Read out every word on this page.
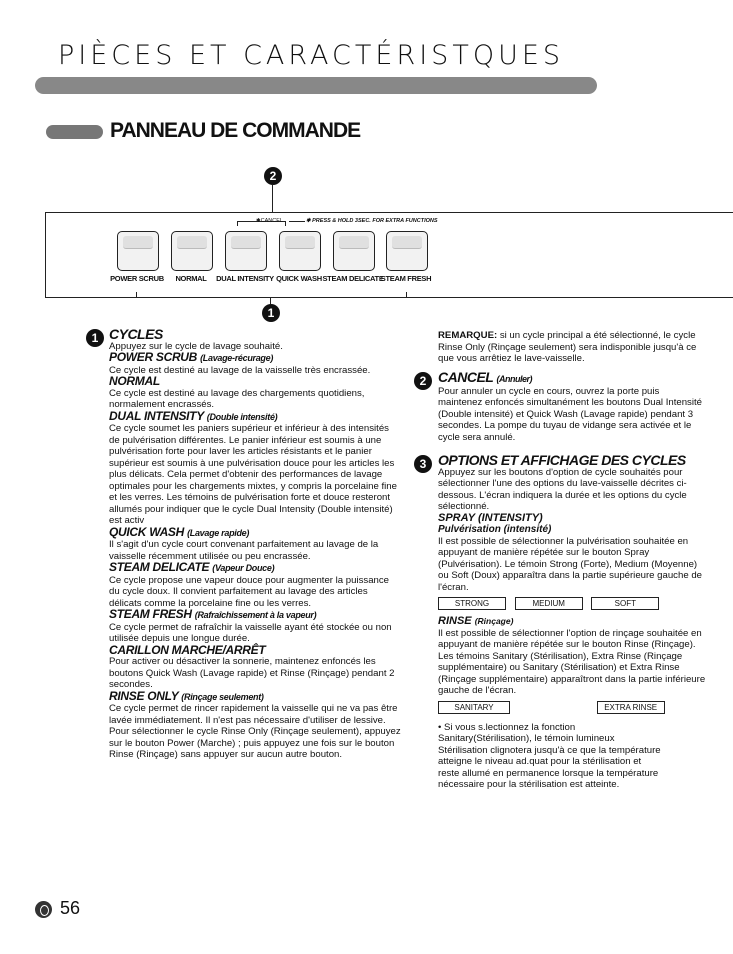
PIÈCES ET CARACTÉRISTQUES
PANNEAU DE COMMANDE
2
✱CANCEL	✱ PRESS & HOLD 3SEC. FOR EXTRA FUNCTIONS
POWER SCRUB NORMAL DUAL INTENSITY QUICK WASH STEAM DELICATE
STEAM FRESH
1
1 CYCLES

Appuyez sur le cycle de lavage souhaité.

POWER SCRUB (Lavage-récurage)

Ce cycle est destiné au lavage de la vaisselle très encrassée.

NORMAL

Ce cycle est destiné au lavage des chargements quotidiens, normalement encrassés.

DUAL INTENSITY (Double intensité)

Ce cycle soumet les paniers supérieur et inférieur à des intensités de pulvérisation différentes. Le panier inférieur est soumis à une pulvérisation forte pour laver les articles résistants et le panier supérieur est soumis à une pulvérisation douce pour les articles les plus délicats. Cela permet d'obtenir des performances de lavage optimales pour les chargements mixtes, y compris la porcelaine fine et les verres. Les témoins de pulvérisation forte et douce resteront allumés pour indiquer que le cycle Dual Intensity (Double intensité) est activ

QUICK WASH (Lavage rapide)

Il s'agit d'un cycle court convenant parfaitement au lavage de la vaisselle récemment utilisée ou peu encrassée.

STEAM DELICATE (Vapeur Douce)

Ce cycle propose une vapeur douce pour augmenter la puissance du cycle doux. Il convient parfaitement au lavage des articles délicats comme la porcelaine fine ou les verres.

STEAM FRESH (Rafraîchissement à la vapeur)

Ce cycle permet de rafraîchir la vaisselle ayant été stockée ou non utilisée depuis une longue durée.

CARILLON MARCHE/ARRÊT

Pour activer ou désactiver la sonnerie, maintenez enfoncés les boutons Quick Wash (Lavage rapide) et Rinse (Rinçage) pendant 2 secondes.

RINSE ONLY (Rinçage seulement)

Ce cycle permet de rincer rapidement la vaisselle qui ne va pas être lavée immédiatement. Il n'est pas nécessaire d'utiliser de lessive.
Pour sélectionner le cycle Rinse Only (Rinçage seulement), appuyez sur le bouton Power (Marche) ; puis appuyez une fois sur le bouton Rinse (Rinçage) sans appuyer sur aucun autre bouton.

REMARQUE: si un cycle principal a été sélectionné, le cycle Rinse Only (Rinçage seulement) sera indisponible jusqu'à ce que vous arrêtiez le lave-vaisselle.

2 CANCEL (Annuler)

Pour annuler un cycle en cours, ouvrez la porte puis maintenez enfoncés simultanément les boutons Dual Intensité (Double intensité) et Quick Wash (Lavage rapide) pendant 3 secondes. La pompe du tuyau de vidange sera activée et le cycle sera annulé.

3 OPTIONS ET AFFICHAGE DES CYCLES

Appuyez sur les boutons d'option de cycle souhaités pour sélectionner l'une des options du lave-vaisselle décrites ci-dessous. L'écran indiquera la durée et les options du cycle sélectionné.

SPRAY (INTENSITY)

Pulvérisation (intensité)

Il est possible de sélectionner la pulvérisation souhaitée en appuyant de manière répétée sur le bouton Spray (Pulvérisation). Le témoin Strong (Forte), Medium (Moyenne) ou Soft (Doux) apparaîtra dans la partie supérieure gauche de l'écran.

STRONG	MEDIUM	SOFT

RINSE (Rinçage)

Il est possible de sélectionner l'option de rinçage souhaitée en appuyant de manière répétée sur le bouton Rinse (Rinçage). Les témoins Sanitary (Stérilisation), Extra Rinse (Rinçage supplémentaire) ou Sanitary (Stérilisation) et Extra Rinse (Rinçage supplémentaire) apparaîtront dans la partie inférieure gauche de l'écran.

SANITARY	EXTRA RINSE

• Si vous s.lectionnez la fonction
Sanitary(Stérilisation), le témoin lumineux
Stérilisation clignotera jusqu'à ce que la température
atteigne le niveau ad.quat pour la stérilisation et
reste allumé en permanence lorsque la température
nécessaire pour la stérilisation est atteinte.

56
